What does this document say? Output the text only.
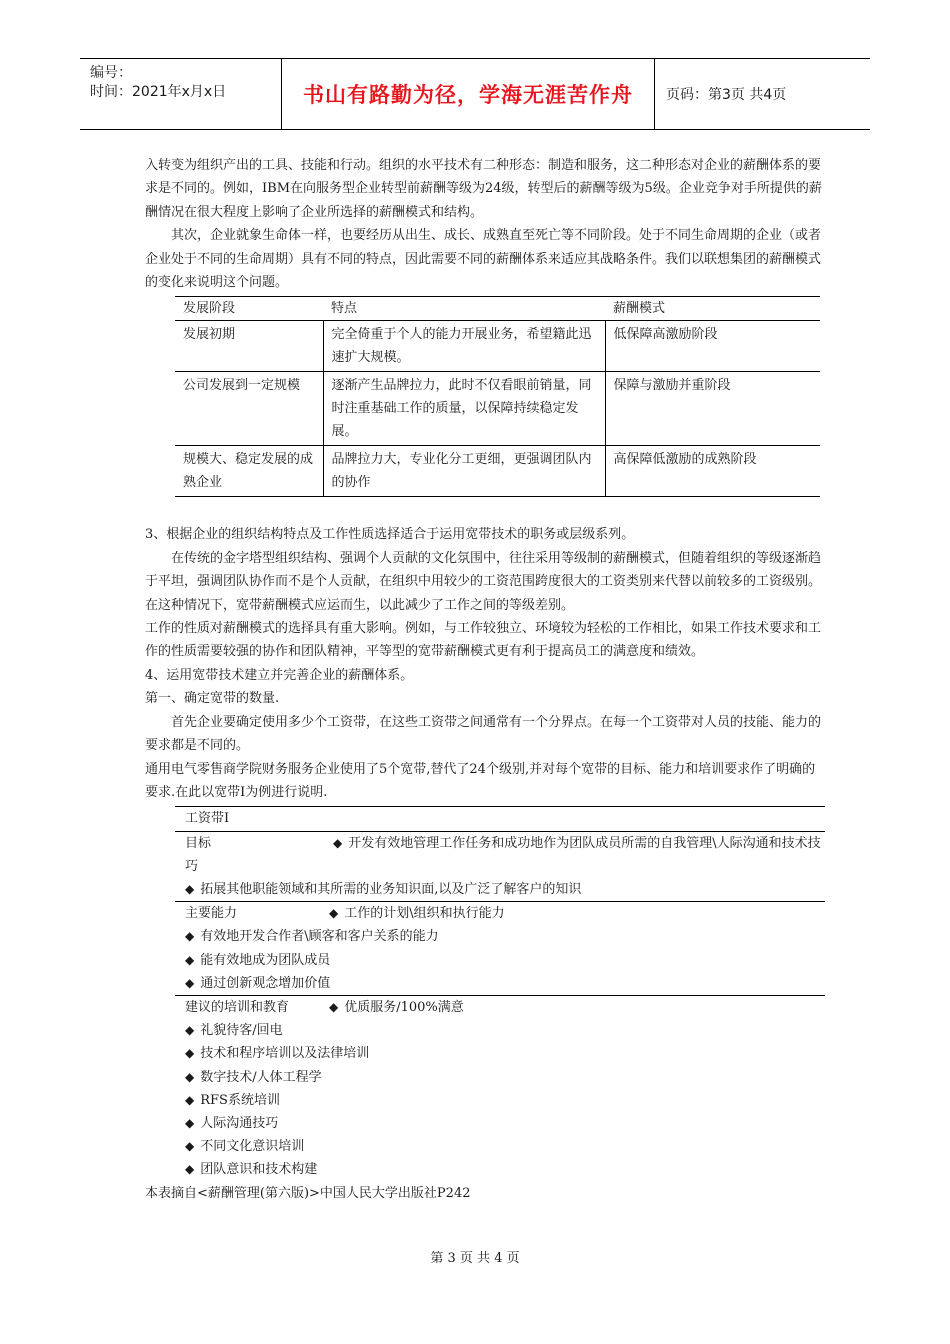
编号：
时间：2021年x月x日	书山有路勤为径，学海无涯苦作舟	页码：第3页 共4页

入转变为组织产出的工具、技能和行动。组织的水平技术有二种形态：制造和服务，这二种形态对企业的薪酬体系的要求是不同的。例如，IBM在向服务型企业转型前薪酬等级为24级，转型后的薪酬等级为5级。企业竞争对手所提供的薪酬情况在很大程度上影响了企业所选择的薪酬模式和结构。

其次，企业就象生命体一样，也要经历从出生、成长、成熟直至死亡等不同阶段。处于不同生命周期的企业（或者企业处于不同的生命周期）具有不同的特点，因此需要不同的薪酬体系来适应其战略条件。我们以联想集团的薪酬模式的变化来说明这个问题。

发展阶段	特点	薪酬模式
发展初期	完全倚重于个人的能力开展业务，希望籍此迅速扩大规模。	低保障高激励阶段
公司发展到一定规模	逐渐产生品牌拉力，此时不仅看眼前销量，同时注重基础工作的质量，以保障持续稳定发展。	保障与激励并重阶段
规模大、稳定发展的成熟企业	品牌拉力大，专业化分工更细，更强调团队内的协作	高保障低激励的成熟阶段

3、根据企业的组织结构特点及工作性质选择适合于运用宽带技术的职务或层级系列。

在传统的金字塔型组织结构、强调个人贡献的文化氛围中，往往采用等级制的薪酬模式，但随着组织的等级逐渐趋于平坦，强调团队协作而不是个人贡献，在组织中用较少的工资范围跨度很大的工资类别来代替以前较多的工资级别。在这种情况下，宽带薪酬模式应运而生，以此减少了工作之间的等级差别。

工作的性质对薪酬模式的选择具有重大影响。例如，与工作较独立、环境较为轻松的工作相比，如果工作技术要求和工作的性质需要较强的协作和团队精神，平等型的宽带薪酬模式更有利于提高员工的满意度和绩效。

4、运用宽带技术建立并完善企业的薪酬体系。

第一、确定宽带的数量.

首先企业要确定使用多少个工资带，在这些工资带之间通常有一个分界点。在每一个工资带对人员的技能、能力的要求都是不同的。

通用电气零售商学院财务服务企业使用了5个宽带,替代了24个级别,并对每个宽带的目标、能力和培训要求作了明确的要求.在此以宽带I为例进行说明.

工资带I
目标	◆ 开发有效地管理工作任务和成功地作为团队成员所需的自我管理\人际沟通和技术技巧
◆ 拓展其他职能领域和其所需的业务知识面,以及广泛了解客户的知识
主要能力	◆ 工作的计划\组织和执行能力
◆ 有效地开发合作者\顾客和客户关系的能力
◆ 能有效地成为团队成员
◆ 通过创新观念增加价值
建议的培训和教育	◆ 优质服务/100%满意
◆ 礼貌待客/回电
◆ 技术和程序培训以及法律培训
◆ 数字技术/人体工程学
◆ RFS系统培训
◆ 人际沟通技巧
◆ 不同文化意识培训
◆ 团队意识和技术构建

本表摘自<薪酬管理(第六版)>中国人民大学出版社P242

第 3 页 共 4 页
